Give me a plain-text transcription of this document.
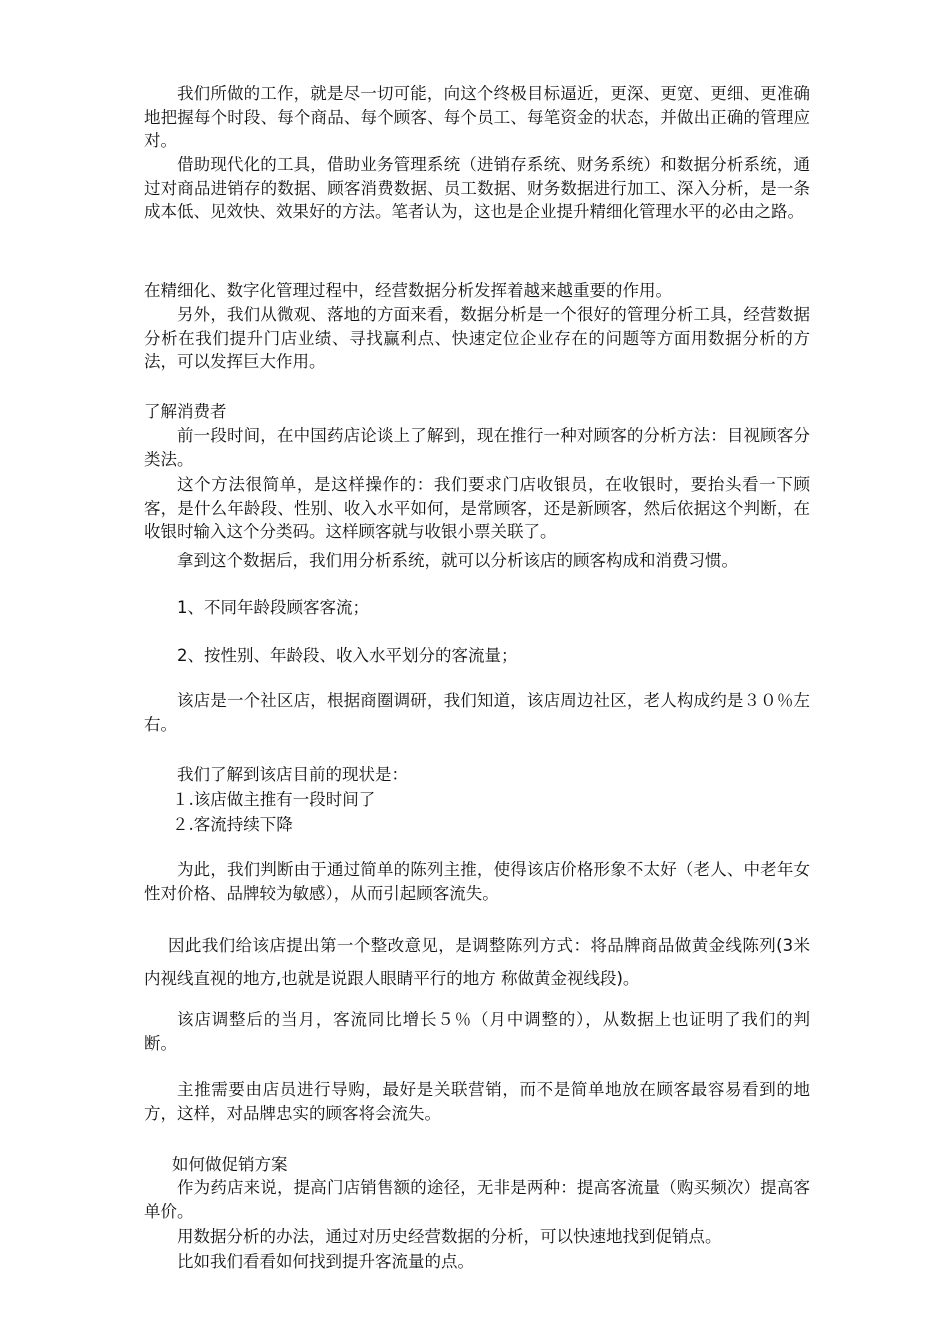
我们所做的工作，就是尽一切可能，向这个终极目标逼近，更深、更宽、更细、更准确地把握每个时段、每个商品、每个顾客、每个员工、每笔资金的状态，并做出正确的管理应对。

借助现代化的工具，借助业务管理系统（进销存系统、财务系统）和数据分析系统，通过对商品进销存的数据、顾客消费数据、员工数据、财务数据进行加工、深入分析，是一条成本低、见效快、效果好的方法。笔者认为，这也是企业提升精细化管理水平的必由之路。

在精细化、数字化管理过程中，经营数据分析发挥着越来越重要的作用。

另外，我们从微观、落地的方面来看，数据分析是一个很好的管理分析工具，经营数据分析在我们提升门店业绩、寻找赢利点、快速定位企业存在的问题等方面用数据分析的方法，可以发挥巨大作用。

了解消费者

前一段时间，在中国药店论谈上了解到，现在推行一种对顾客的分析方法：目视顾客分类法。

这个方法很简单，是这样操作的：我们要求门店收银员，在收银时，要抬头看一下顾客，是什么年龄段、性别、收入水平如何，是常顾客，还是新顾客，然后依据这个判断，在收银时输入这个分类码。这样顾客就与收银小票关联了。

拿到这个数据后，我们用分析系统，就可以分析该店的顾客构成和消费习惯。

1、不同年龄段顾客客流；

2、按性别、年龄段、收入水平划分的客流量；

该店是一个社区店，根据商圈调研，我们知道，该店周边社区，老人构成约是３０％左右。

我们了解到该店目前的现状是：

１.该店做主推有一段时间了

２.客流持续下降

为此，我们判断由于通过简单的陈列主推，使得该店价格形象不太好（老人、中老年女性对价格、品牌较为敏感），从而引起顾客流失。

因此我们给该店提出第一个整改意见，是调整陈列方式：将品牌商品做黄金线陈列(3米内视线直视的地方,也就是说跟人眼睛平行的地方 称做黄金视线段)。

该店调整后的当月，客流同比增长５％（月中调整的），从数据上也证明了我们的判断。

主推需要由店员进行导购，最好是关联营销，而不是简单地放在顾客最容易看到的地方，这样，对品牌忠实的顾客将会流失。

如何做促销方案

作为药店来说，提高门店销售额的途径，无非是两种：提高客流量（购买频次）提高客单价。

用数据分析的办法，通过对历史经营数据的分析，可以快速地找到促销点。

比如我们看看如何找到提升客流量的点。
